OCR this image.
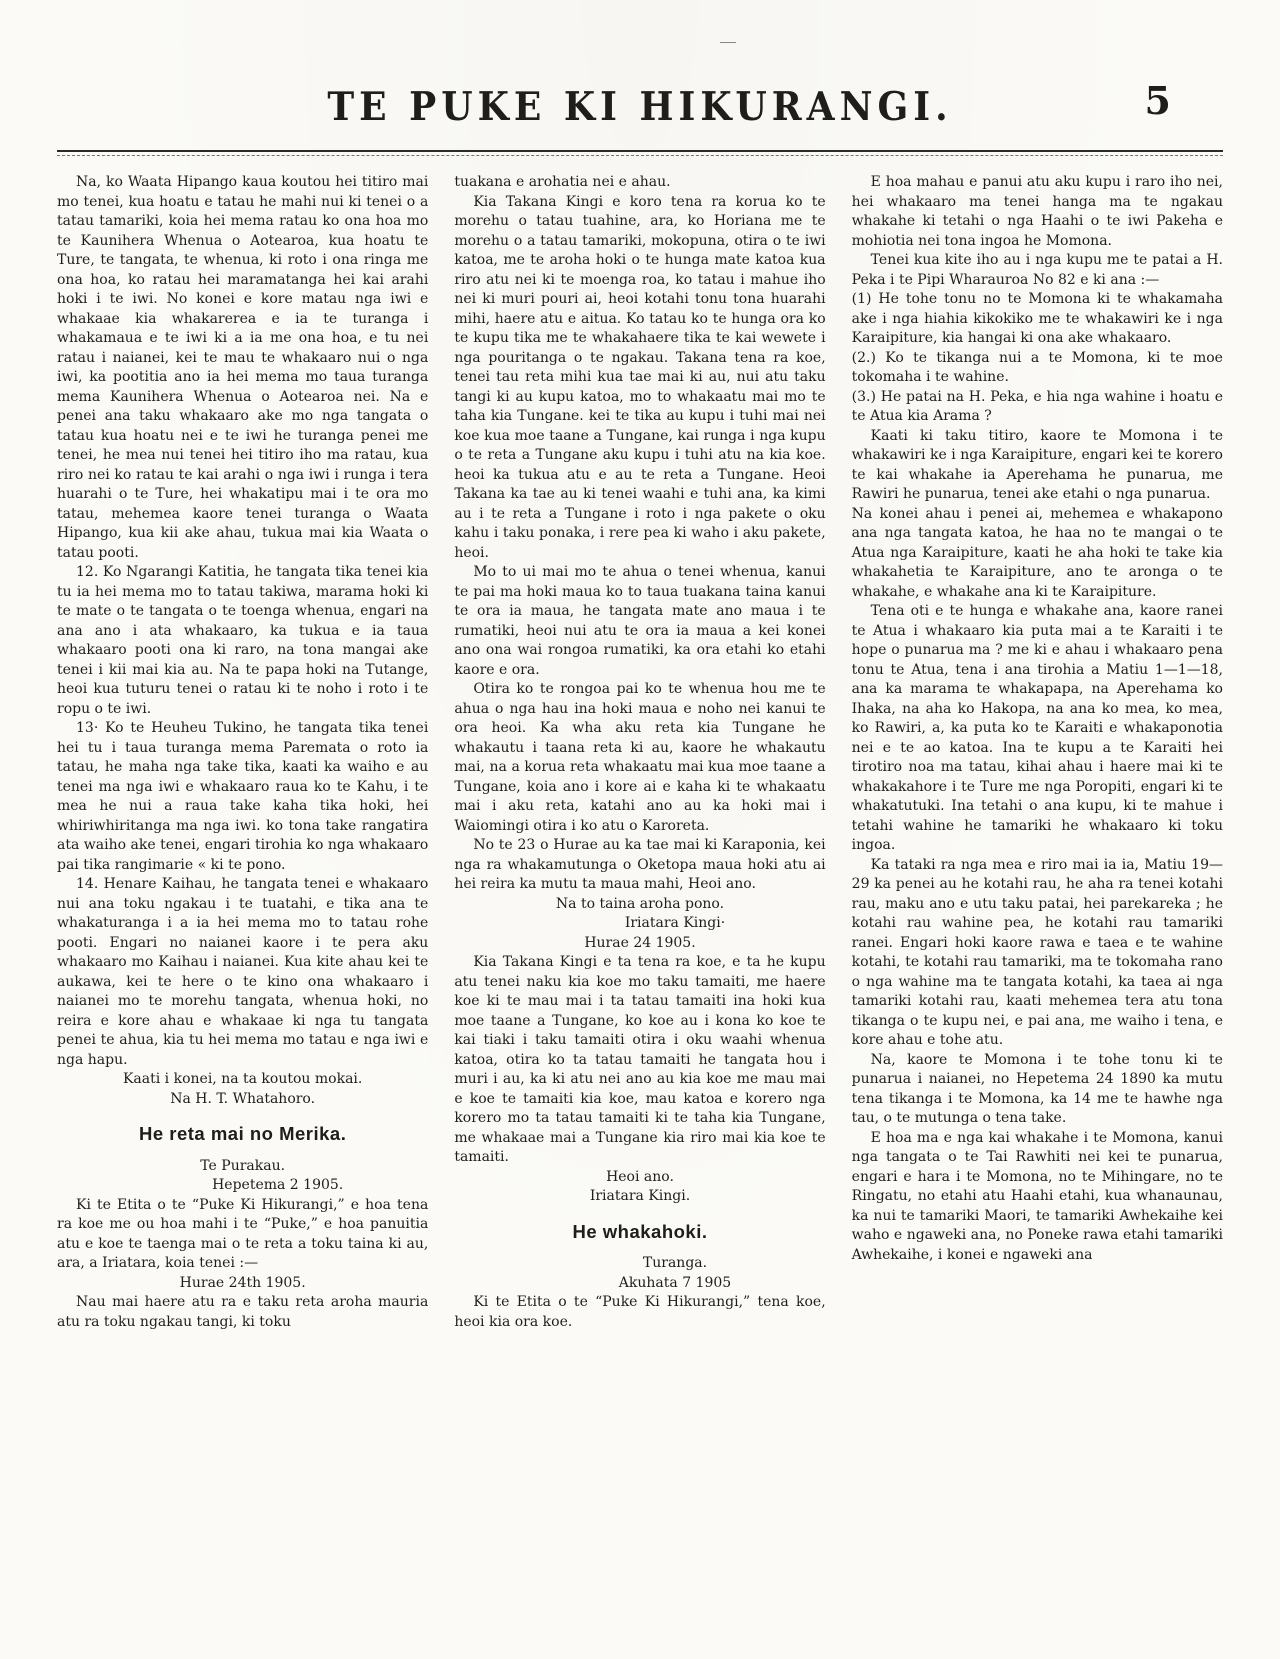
TE PUKE KI HIKURANGI.	5

Na, ko Waata Hipango kaua koutou hei titiro mai mo tenei, kua hoatu e tatau he mahi nui ki tenei o a tatau tamariki, koia hei mema ratau ko ona hoa mo te Kaunihera Whenua o Aotearoa, kua hoatu te Ture, te tangata, te whenua, ki roto i ona ringa me ona hoa, ko ratau hei maramatanga hei kai arahi hoki i te iwi. No konei e kore matau nga iwi e whakaae kia whakarerea e ia te turanga i whakamaua e te iwi ki a ia me ona hoa, e tu nei ratau i naianei, kei te mau te whakaaro nui o nga iwi, ka pootitia ano ia hei mema mo taua turanga mema Kaunihera Whenua o Aotearoa nei. Na e penei ana taku whakaaro ake mo nga tangata o tatau kua hoatu nei e te iwi he turanga penei me tenei, he mea nui tenei hei titiro iho ma ratau, kua riro nei ko ratau te kai arahi o nga iwi i runga i tera huarahi o te Ture, hei whakatipu mai i te ora mo tatau, mehemea kaore tenei turanga o Waata Hipango, kua kii ake ahau, tukua mai kia Waata o tatau pooti.

12. Ko Ngarangi Katitia, he tangata tika tenei kia tu ia hei mema mo to tatau takiwa, marama hoki ki te mate o te tangata o te toenga whenua, engari na ana ano i ata whakaaro, ka tukua e ia taua whakaaro pooti ona ki raro, na tona mangai ake tenei i kii mai kia au. Na te papa hoki na Tutange, heoi kua tuturu tenei o ratau ki te noho i roto i te ropu o te iwi.

13· Ko te Heuheu Tukino, he tangata tika tenei hei tu i taua turanga mema Paremata o roto ia tatau, he maha nga take tika, kaati ka waiho e au tenei ma nga iwi e whakaaro raua ko te Kahu, i te mea he nui a raua take kaha tika hoki, hei whiriwhiritanga ma nga iwi. ko tona take rangatira ata waiho ake tenei, engari tirohia ko nga whakaaro pai tika rangimarie « ki te pono.

14. Henare Kaihau, he tangata tenei e whakaaro nui ana toku ngakau i te tuatahi, e tika ana te whakaturanga i a ia hei mema mo to tatau rohe pooti. Engari no naianei kaore i te pera aku whakaaro mo Kaihau i naianei. Kua kite ahau kei te aukawa, kei te here o te kino ona whakaaro i naianei mo te morehu tangata, whenua hoki, no reira e kore ahau e whakaae ki nga tu tangata penei te ahua, kia tu hei mema mo tatau e nga iwi e nga hapu.

Kaati i konei, na ta koutou mokai.

Na H. T. Whatahoro.

He reta mai no Merika.

Te Purakau.

Hepetema 2 1905.

Ki te Etita o te “Puke Ki Hikurangi,” e hoa tena ra koe me ou hoa mahi i te “Puke,” e hoa panuitia atu e koe te taenga mai o te reta a toku taina ki au, ara, a Iriatara, koia tenei :—

Hurae 24th 1905.

Nau mai haere atu ra e taku reta aroha mauria atu ra toku ngakau tangi, ki toku

tuakana e arohatia nei e ahau.

Kia Takana Kingi e koro tena ra korua ko te morehu o tatau tuahine, ara, ko Horiana me te morehu o a tatau tamariki, mokopuna, otira o te iwi katoa, me te aroha hoki o te hunga mate katoa kua riro atu nei ki te moenga roa, ko tatau i mahue iho nei ki muri pouri ai, heoi kotahi tonu tona huarahi mihi, haere atu e aitua. Ko tatau ko te hunga ora ko te kupu tika me te whakahaere tika te kai wewete i nga pouritanga o te ngakau. Takana tena ra koe, tenei tau reta mihi kua tae mai ki au, nui atu taku tangi ki au kupu katoa, mo to whakaatu mai mo te taha kia Tungane. kei te tika au kupu i tuhi mai nei koe kua moe taane a Tungane, kai runga i nga kupu o te reta a Tungane aku kupu i tuhi atu na kia koe. heoi ka tukua atu e au te reta a Tungane. Heoi Takana ka tae au ki tenei waahi e tuhi ana, ka kimi au i te reta a Tungane i roto i nga pakete o oku kahu i taku ponaka, i rere pea ki waho i aku pakete, heoi.

Mo to ui mai mo te ahua o tenei whenua, kanui te pai ma hoki maua ko to taua tuakana taina kanui te ora ia maua, he tangata mate ano maua i te rumatiki, heoi nui atu te ora ia maua a kei konei ano ona wai rongoa rumatiki, ka ora etahi ko etahi kaore e ora.

Otira ko te rongoa pai ko te whenua hou me te ahua o nga hau ina hoki maua e noho nei kanui te ora heoi. Ka wha aku reta kia Tungane he whakautu i taana reta ki au, kaore he whakautu mai, na a korua reta whakaatu mai kua moe taane a Tungane, koia ano i kore ai e kaha ki te whakaatu mai i aku reta, katahi ano au ka hoki mai i Waiomingi otira i ko atu o Karoreta.

No te 23 o Hurae au ka tae mai ki Karaponia, kei nga ra whakamutunga o Oketopa maua hoki atu ai hei reira ka mutu ta maua mahi, Heoi ano.

Na to taina aroha pono.

Iriatara Kingi·

Hurae 24 1905.

Kia Takana Kingi e ta tena ra koe, e ta he kupu atu tenei naku kia koe mo taku tamaiti, me haere koe ki te mau mai i ta tatau tamaiti ina hoki kua moe taane a Tungane, ko koe au i kona ko koe te kai tiaki i taku tamaiti otira i oku waahi whenua katoa, otira ko ta tatau tamaiti he tangata hou i muri i au, ka ki atu nei ano au kia koe me mau mai e koe te tamaiti kia koe, mau katoa e korero nga korero mo ta tatau tamaiti ki te taha kia Tungane, me whakaae mai a Tungane kia riro mai kia koe te tamaiti.

Heoi ano.

Iriatara Kingi.

He whakahoki.

Turanga.

Akuhata 7 1905

Ki te Etita o te “Puke Ki Hikurangi,” tena koe, heoi kia ora koe.

E hoa mahau e panui atu aku kupu i raro iho nei, hei whakaaro ma tenei hanga ma te ngakau whakahe ki tetahi o nga Haahi o te iwi Pakeha e mohiotia nei tona ingoa he Momona.

Tenei kua kite iho au i nga kupu me te patai a H. Peka i te Pipi Wharauroa No 82 e ki ana :—

(1) He tohe tonu no te Momona ki te whakamaha ake i nga hiahia kikokiko me te whakawiri ke i nga Karaipiture, kia hangai ki ona ake whakaaro.

(2.) Ko te tikanga nui a te Momona, ki te moe tokomaha i te wahine.

(3.) He patai na H. Peka, e hia nga wahine i hoatu e te Atua kia Arama ?

Kaati ki taku titiro, kaore te Momona i te whakawiri ke i nga Karaipiture, engari kei te korero te kai whakahe ia Aperehama he punarua, me Rawiri he punarua, tenei ake etahi o nga punarua.

Na konei ahau i penei ai, mehemea e whakapono ana nga tangata katoa, he haa no te mangai o te Atua nga Karaipiture, kaati he aha hoki te take kia whakahetia te Karaipiture, ano te aronga o te whakahe, e whakahe ana ki te Karaipiture.

Tena oti e te hunga e whakahe ana, kaore ranei te Atua i whakaaro kia puta mai a te Karaiti i te hope o punarua ma ? me ki e ahau i whakaaro pena tonu te Atua, tena i ana tirohia a Matiu 1—1—18, ana ka marama te whakapapa, na Aperehama ko Ihaka, na aha ko Hakopa, na ana ko mea, ko mea, ko Rawiri, a, ka puta ko te Karaiti e whakaponotia nei e te ao katoa. Ina te kupu a te Karaiti hei tirotiro noa ma tatau, kihai ahau i haere mai ki te whakakahore i te Ture me nga Poropiti, engari ki te whakatutuki. Ina tetahi o ana kupu, ki te mahue i tetahi wahine he tamariki he whakaaro ki toku ingoa.

Ka tataki ra nga mea e riro mai ia ia, Matiu 19—29 ka penei au he kotahi rau, he aha ra tenei kotahi rau, maku ano e utu taku patai, hei parekareka ; he kotahi rau wahine pea, he kotahi rau tamariki ranei. Engari hoki kaore rawa e taea e te wahine kotahi, te kotahi rau tamariki, ma te tokomaha rano o nga wahine ma te tangata kotahi, ka taea ai nga tamariki kotahi rau, kaati mehemea tera atu tona tikanga o te kupu nei, e pai ana, me waiho i tena, e kore ahau e tohe atu.

Na, kaore te Momona i te tohe tonu ki te punarua i naianei, no Hepetema 24 1890 ka mutu tena tikanga i te Momona, ka 14 me te hawhe nga tau, o te mutunga o tena take.

E hoa ma e nga kai whakahe i te Momona, kanui nga tangata o te Tai Rawhiti nei kei te punarua, engari e hara i te Momona, no te Mihingare, no te Ringatu, no etahi atu Haahi etahi, kua whanaunau, ka nui te tamariki Maori, te tamariki Awhekaihe kei waho e ngaweki ana, no Poneke rawa etahi tamariki Awhekaihe, i konei e ngaweki ana
